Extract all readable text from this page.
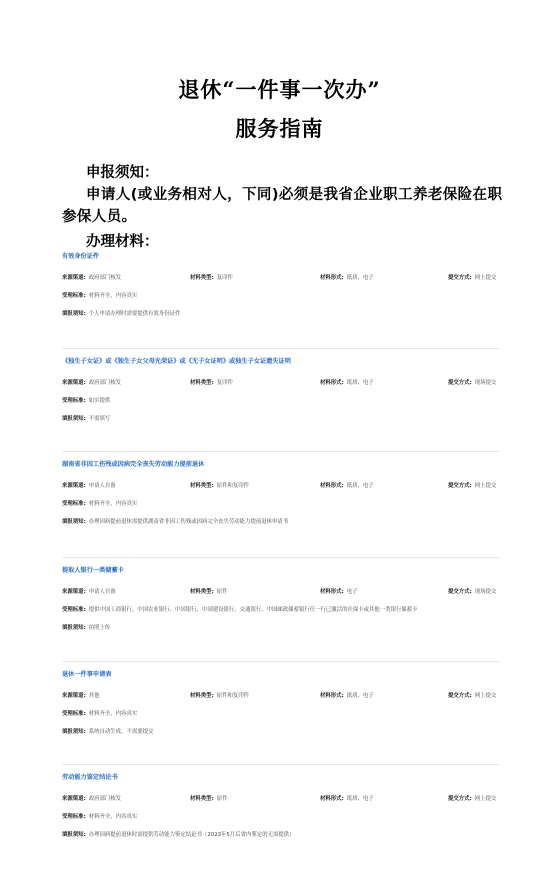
退休“一件事一次办”
服务指南
申报须知：
申请人(或业务相对人，下同)必须是我省企业职工养老保险在职参保人员。
办理材料：
有效身份证件
来源渠道: 政府部门核发	材料类型: 复印件	材料形式: 纸质、电子	提交方式: 网上提交
受理标准: 材料齐全，内容真实
填报须知: 个人申请办理时需要提供有效身份证件
《独生子女证》或《独生子女父母光荣证》或《无子女证明》或独生子女证遗失证明
来源渠道: 政府部门核发	材料类型: 复印件	材料形式: 纸质、电子	提交方式: 现场提交
受理标准: 如实提供
填报须知: 不需填写
湖南省非因工伤残或因病完全丧失劳动能力提前退休
来源渠道: 申请人自备	材料类型: 原件和复印件	材料形式: 纸质、电子	提交方式: 网上提交
受理标准: 材料齐全，内容真实
填报须知: 办理因病提前退休需提供湖南省非因工伤残或因病完全丧失劳动能力提前退休申请书
提取人银行一类储蓄卡
来源渠道: 申请人自备	材料类型: 原件	材料形式: 电子	提交方式: 现场提交
受理标准: 提供中国工商银行、中国农业银行、中国银行、中国建设银行、交通银行、中国邮政储蓄银行任一行已激活的社保卡或其他一类银行储蓄卡
填报须知: 拍照上传
退休一件事申请表
来源渠道: 其他	材料类型: 原件和复印件	材料形式: 纸质、电子	提交方式: 网上提交
受理标准: 材料齐全，内容真实
填报须知: 系统自动生成，不需要提交
劳动能力鉴定结论书
来源渠道: 政府部门核发	材料类型: 原件	材料形式: 纸质、电子	提交方式: 网上提交
受理标准: 材料齐全，内容真实
填报须知: 办理因病提前退休时需提供劳动能力鉴定结论书（2023年5月后省内鉴定的无需提供）
